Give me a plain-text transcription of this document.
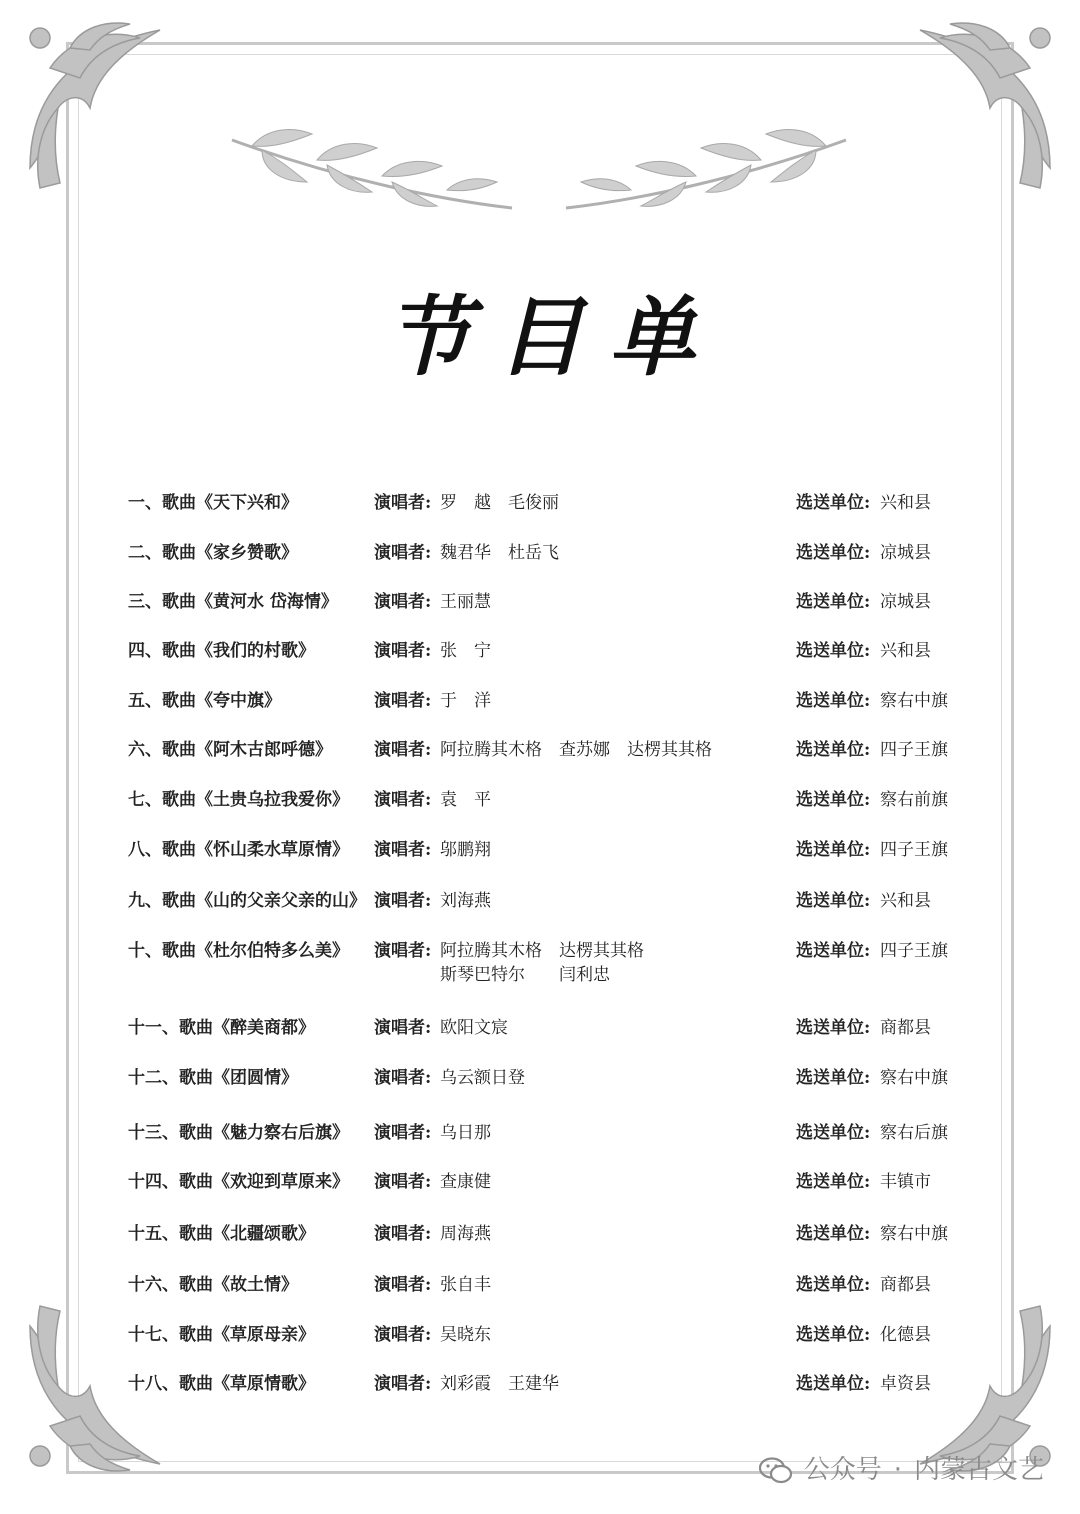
节目单
一、歌曲《天下兴和》	演唱者: 罗　越　毛俊丽	选送单位: 兴和县
二、歌曲《家乡赞歌》	演唱者: 魏君华　杜岳飞	选送单位: 凉城县
三、歌曲《黄河水 岱海情》 演唱者: 王丽慧	选送单位: 凉城县
四、歌曲《我们的村歌》	演唱者: 张　宁	选送单位: 兴和县
五、歌曲《夸中旗》	演唱者: 于　洋	选送单位: 察右中旗
六、歌曲《阿木古郎呼德》 演唱者: 阿拉腾其木格　查苏娜　达楞其其格	选送单位: 四子王旗
七、歌曲《土贵乌拉我爱你》 演唱者: 袁　平	选送单位: 察右前旗
八、歌曲《怀山柔水草原情》 演唱者: 邬鹏翔	选送单位: 四子王旗
九、歌曲《山的父亲父亲的山》 演唱者: 刘海燕	选送单位: 兴和县
十、歌曲《杜尔伯特多么美》 演唱者: 阿拉腾其木格　达楞其其格
斯琴巴特尔　　闫利忠
选送单位: 四子王旗
十一、歌曲《醉美商都》	演唱者: 欧阳文宸	选送单位: 商都县
十二、歌曲《团圆情》	演唱者: 乌云额日登	选送单位: 察右中旗
十三、歌曲《魅力察右后旗》 演唱者: 乌日那	选送单位: 察右后旗
十四、歌曲《欢迎到草原来》 演唱者: 查康健	选送单位: 丰镇市
十五、歌曲《北疆颂歌》	演唱者: 周海燕	选送单位: 察右中旗
十六、歌曲《故土情》	演唱者: 张自丰	选送单位: 商都县
十七、歌曲《草原母亲》	演唱者: 吴晓东	选送单位: 化德县
十八、歌曲《草原情歌》	演唱者: 刘彩霞　王建华	选送单位: 卓资县
公众号 · 内蒙古文艺
